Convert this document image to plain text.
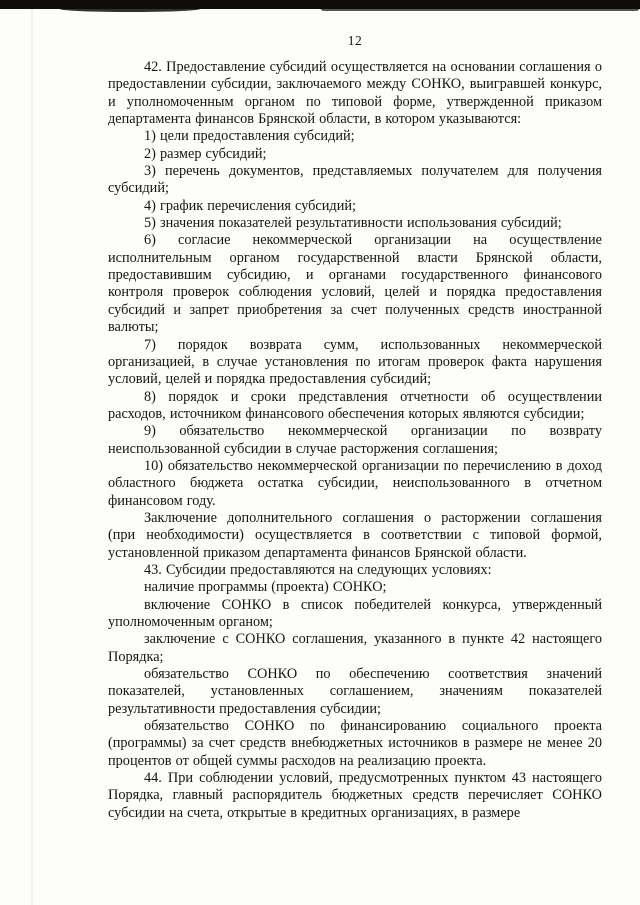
12

42. Предоставление субсидий осуществляется на основании соглашения о предоставлении субсидии, заключаемого между СОНКО, выигравшей конкурс, и уполномоченным органом по типовой форме, утвержденной приказом департамента финансов Брянской области, в котором указываются:

1) цели предоставления субсидий;

2) размер субсидий;

3) перечень документов, представляемых получателем для получения субсидий;

4) график перечисления субсидий;

5) значения показателей результативности использования субсидий;

6) согласие некоммерческой организации на осуществление исполнительным органом государственной власти Брянской области, предоставившим субсидию, и органами государственного финансового контроля проверок соблюдения условий, целей и порядка предоставления субсидий и запрет приобретения за счет полученных средств иностранной валюты;

7) порядок возврата сумм, использованных некоммерческой организацией, в случае установления по итогам проверок факта нарушения условий, целей и порядка предоставления субсидий;

8) порядок и сроки представления отчетности об осуществлении расходов, источником финансового обеспечения которых являются субсидии;

9) обязательство некоммерческой организации по возврату неиспользованной субсидии в случае расторжения соглашения;

10) обязательство некоммерческой организации по перечислению в доход областного бюджета остатка субсидии, неиспользованного в отчетном финансовом году.

Заключение дополнительного соглашения о расторжении соглашения (при необходимости) осуществляется в соответствии с типовой формой, установленной приказом департамента финансов Брянской области.

43. Субсидии предоставляются на следующих условиях:

наличие программы (проекта) СОНКО;

включение СОНКО в список победителей конкурса, утвержденный уполномоченным органом;

заключение с СОНКО соглашения, указанного в пункте 42 настоящего Порядка;

обязательство СОНКО по обеспечению соответствия значений показателей, установленных соглашением, значениям показателей результативности предоставления субсидии;

обязательство СОНКО по финансированию социального проекта (программы) за счет средств внебюджетных источников в размере не менее 20 процентов от общей суммы расходов на реализацию проекта.

44. При соблюдении условий, предусмотренных пунктом 43 настоящего Порядка, главный распорядитель бюджетных средств перечисляет СОНКО субсидии на счета, открытые в кредитных организациях, в размере
